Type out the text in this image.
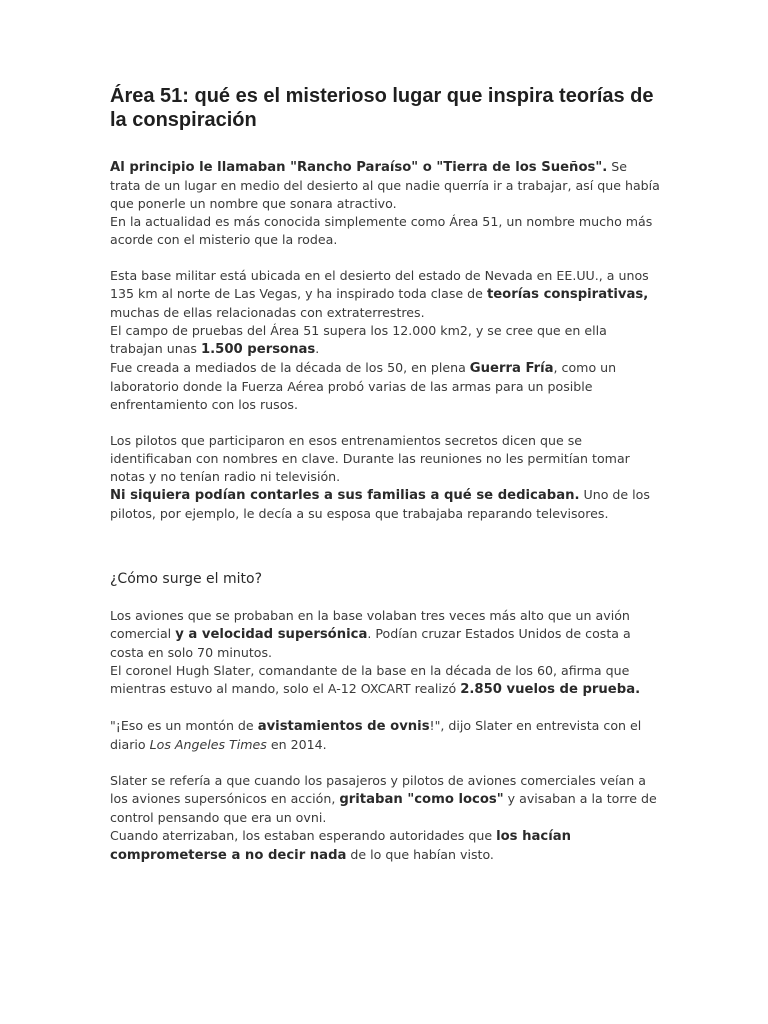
Área 51: qué es el misterioso lugar que inspira teorías de la conspiración

Al principio le llamaban "Rancho Paraíso" o "Tierra de los Sueños". Se trata de un lugar en medio del desierto al que nadie querría ir a trabajar, así que había que ponerle un nombre que sonara atractivo.
En la actualidad es más conocida simplemente como Área 51, un nombre mucho más acorde con el misterio que la rodea.

Esta base militar está ubicada en el desierto del estado de Nevada en EE.UU., a unos 135 km al norte de Las Vegas, y ha inspirado toda clase de teorías conspirativas, muchas de ellas relacionadas con extraterrestres.
El campo de pruebas del Área 51 supera los 12.000 km2, y se cree que en ella trabajan unas 1.500 personas.
Fue creada a mediados de la década de los 50, en plena Guerra Fría, como un laboratorio donde la Fuerza Aérea probó varias de las armas para un posible enfrentamiento con los rusos.

Los pilotos que participaron en esos entrenamientos secretos dicen que se identificaban con nombres en clave. Durante las reuniones no les permitían tomar notas y no tenían radio ni televisión.
Ni siquiera podían contarles a sus familias a qué se dedicaban. Uno de los pilotos, por ejemplo, le decía a su esposa que trabajaba reparando televisores.

¿Cómo surge el mito?

Los aviones que se probaban en la base volaban tres veces más alto que un avión comercial y a velocidad supersónica. Podían cruzar Estados Unidos de costa a costa en solo 70 minutos.
El coronel Hugh Slater, comandante de la base en la década de los 60, afirma que mientras estuvo al mando, solo el A-12 OXCART realizó 2.850 vuelos de prueba.

"¡Eso es un montón de avistamientos de ovnis!", dijo Slater en entrevista con el diario Los Angeles Times en 2014.

Slater se refería a que cuando los pasajeros y pilotos de aviones comerciales veían a los aviones supersónicos en acción, gritaban "como locos" y avisaban a la torre de control pensando que era un ovni.
Cuando aterrizaban, los estaban esperando autoridades que los hacían comprometerse a no decir nada de lo que habían visto.
